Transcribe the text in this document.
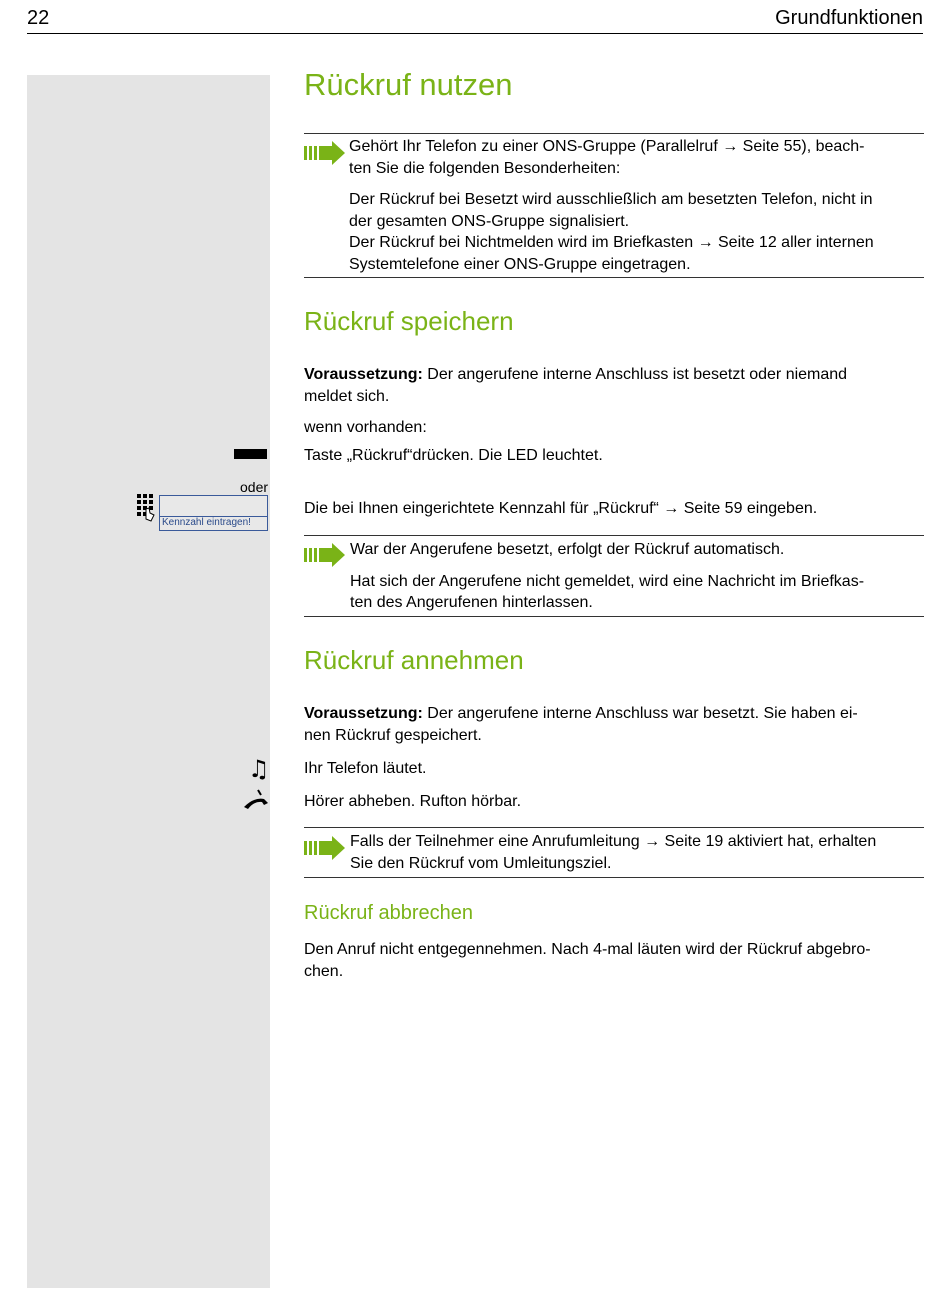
22	Grundfunktionen
Rückruf nutzen
Gehört Ihr Telefon zu einer ONS-Gruppe (Parallelruf → Seite 55), beach-
ten Sie die folgenden Besonderheiten:
Der Rückruf bei Besetzt wird ausschließlich am besetzten Telefon, nicht in
der gesamten ONS-Gruppe signalisiert.
Der Rückruf bei Nichtmelden wird im Briefkasten → Seite 12 aller internen
Systemtelefone einer ONS-Gruppe eingetragen.
Rückruf speichern
Voraussetzung: Der angerufene interne Anschluss ist besetzt oder niemand
meldet sich.
wenn vorhanden:
Taste „Rückruf“drücken. Die LED leuchtet.
oder
Kennzahl eintragen!
Die bei Ihnen eingerichtete Kennzahl für „Rückruf“ → Seite 59 eingeben.
War der Angerufene besetzt, erfolgt der Rückruf automatisch.
Hat sich der Angerufene nicht gemeldet, wird eine Nachricht im Briefkas-
ten des Angerufenen hinterlassen.
Rückruf annehmen
Voraussetzung: Der angerufene interne Anschluss war besetzt. Sie haben ei-
nen Rückruf gespeichert.
♫ Ihr Telefon läutet.
Hörer abheben. Rufton hörbar.
Falls der Teilnehmer eine Anrufumleitung → Seite 19 aktiviert hat, erhalten
Sie den Rückruf vom Umleitungsziel.
Rückruf abbrechen
Den Anruf nicht entgegennehmen. Nach 4-mal läuten wird der Rückruf abgebro-
chen.
